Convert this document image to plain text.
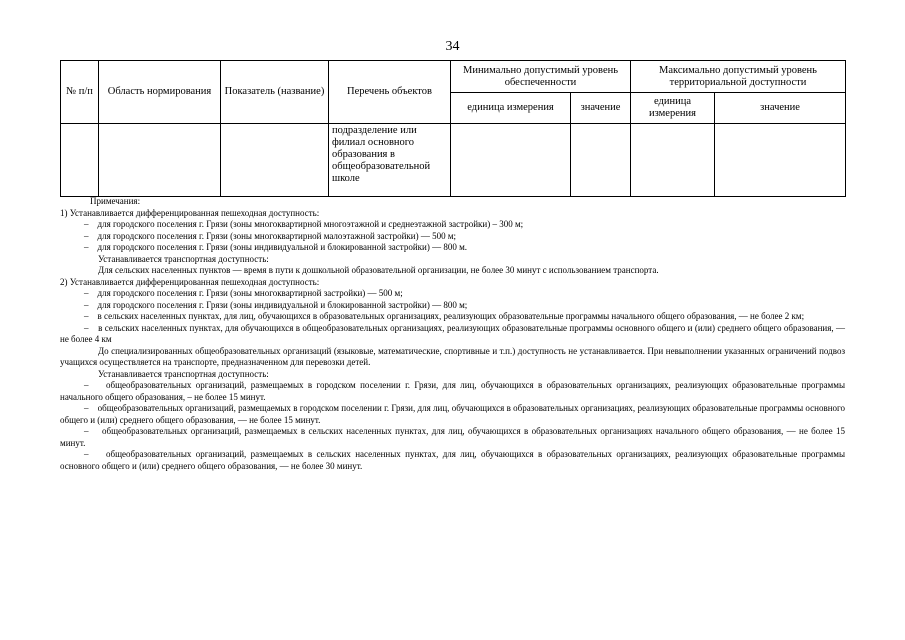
34
№ п/п	Область нормирования	Показатель (название)	Перечень объектов	Минимально допустимый уровень обеспеченности		Максимально допустимый уровень территориальной доступности	
				единица измерения	значение	единица измерения	значение
			подразделение или филиал основного образования в общеобразовательной школе				

Примечания:

1) Устанавливается дифференцированная пешеходная доступность:

–    для городского поселения г. Грязи (зоны многоквартирной многоэтажной и среднеэтажной застройки) – 300 м;

–    для городского поселения г. Грязи (зоны многоквартирной малоэтажной застройки) — 500 м;

–    для городского поселения г. Грязи (зоны индивидуальной и блокированной застройки) — 800 м.

Устанавливается транспортная доступность:

Для сельских населенных пунктов — время в пути к дошкольной образовательной организации, не более 30 минут с использованием транспорта.

2) Устанавливается дифференцированная пешеходная доступность:

–    для городского поселения г. Грязи (зоны многоквартирной застройки) — 500 м;

–    для городского поселения г. Грязи (зоны индивидуальной и блокированной застройки) — 800 м;

–    в сельских населенных пунктах, для лиц, обучающихся в образовательных организациях, реализующих образовательные программы начального общего образования, — не более 2 км;

–    в сельских населенных пунктах, для обучающихся в общеобразовательных организациях, реализующих образовательные программы основного общего и (или) среднего общего образования, — не более 4 км

До специализированных общеобразовательных организаций (языковые, математические, спортивные и т.п.) доступность не устанавливается. При невыполнении указанных ограничений подвоз учащихся осуществляется на транспорте, предназначенном для перевозки детей.

Устанавливается транспортная доступность:

–    общеобразовательных организаций, размещаемых в городском поселении г. Грязи, для лиц, обучающихся в образовательных организациях, реализующих образовательные программы начального общего образования, – не более 15 минут.

–    общеобразовательных организаций, размещаемых в городском поселении г. Грязи, для лиц, обучающихся в образовательных организациях, реализующих образовательные программы основного общего и (или) среднего общего образования, — не более 15 минут.

–    общеобразовательных организаций, размещаемых в сельских населенных пунктах, для лиц, обучающихся в образовательных организациях начального общего образования, — не более 15 минут.

–    общеобразовательных организаций, размещаемых в сельских населенных пунктах, для лиц, обучающихся в образовательных организациях, реализующих образовательные программы основного общего и (или) среднего общего образования, — не более 30 минут.
